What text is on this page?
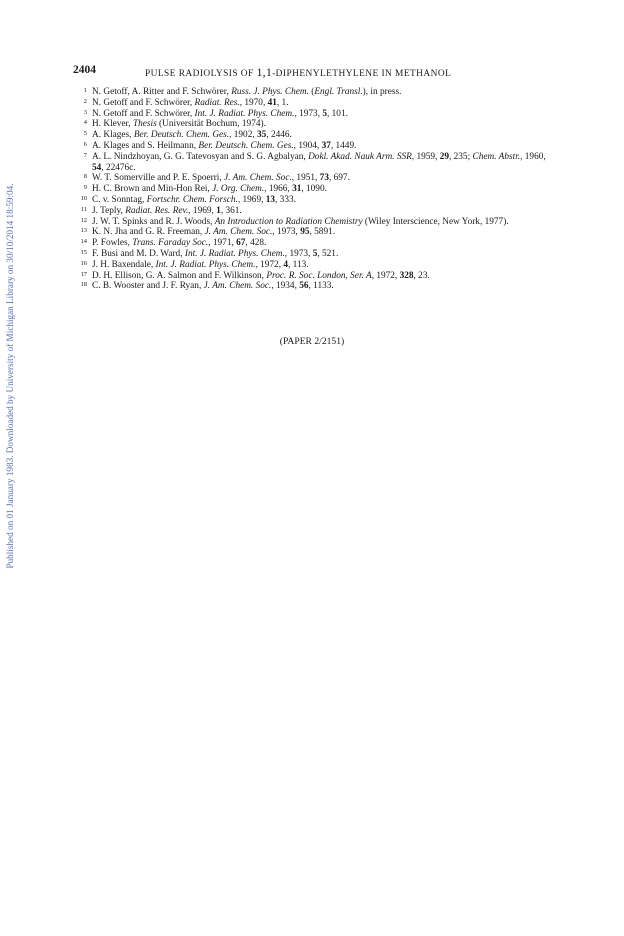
Published on 01 January 1983. Downloaded by University of Michigan Library on 30/10/2014 18:59:04.
2404	PULSE RADIOLYSIS OF 1,1-DIPHENYLETHYLENE IN METHANOL
1 N. Getoff, A. Ritter and F. Schwörer, Russ. J. Phys. Chem. (Engl. Transl.), in press.
2 N. Getoff and F. Schwörer, Radiat. Res., 1970, 41, 1.
3 N. Getoff and F. Schwörer, Int. J. Radiat. Phys. Chem., 1973, 5, 101.
4 H. Klever, Thesis (Universität Bochum, 1974).
5 A. Klages, Ber. Deutsch. Chem. Ges., 1902, 35, 2446.
6 A. Klages and S. Heilmann, Ber. Deutsch. Chem. Ges., 1904, 37, 1449.
7 A. L. Nindzhoyan, G. G. Tatevosyan and S. G. Agbalyan, Dokl. Akad. Nauk Arm. SSR, 1959, 29, 235; Chem. Abstr., 1960, 54, 22476c.
8 W. T. Somerville and P. E. Spoerri, J. Am. Chem. Soc., 1951, 73, 697.
9 H. C. Brown and Min-Hon Rei, J. Org. Chem., 1966, 31, 1090.
10 C. v. Sonntag, Fortschr. Chem. Forsch., 1969, 13, 333.
11 J. Teply, Radiat. Res. Rev., 1969, 1, 361.
12 J. W. T. Spinks and R. J. Woods, An Introduction to Radiation Chemistry (Wiley Interscience, New York, 1977).
13 K. N. Jha and G. R. Freeman, J. Am. Chem. Soc., 1973, 95, 5891.
14 P. Fowles, Trans. Faraday Soc., 1971, 67, 428.
15 F. Busi and M. D. Ward, Int. J. Radiat. Phys. Chem., 1973, 5, 521.
16 J. H. Baxendale, Int. J. Radiat. Phys. Chem., 1972, 4, 113.
17 D. H. Ellison, G. A. Salmon and F. Wilkinson, Proc. R. Soc. London, Ser. A, 1972, 328, 23.
18 C. B. Wooster and J. F. Ryan, J. Am. Chem. Soc., 1934, 56, 1133.
(PAPER 2/2151)
